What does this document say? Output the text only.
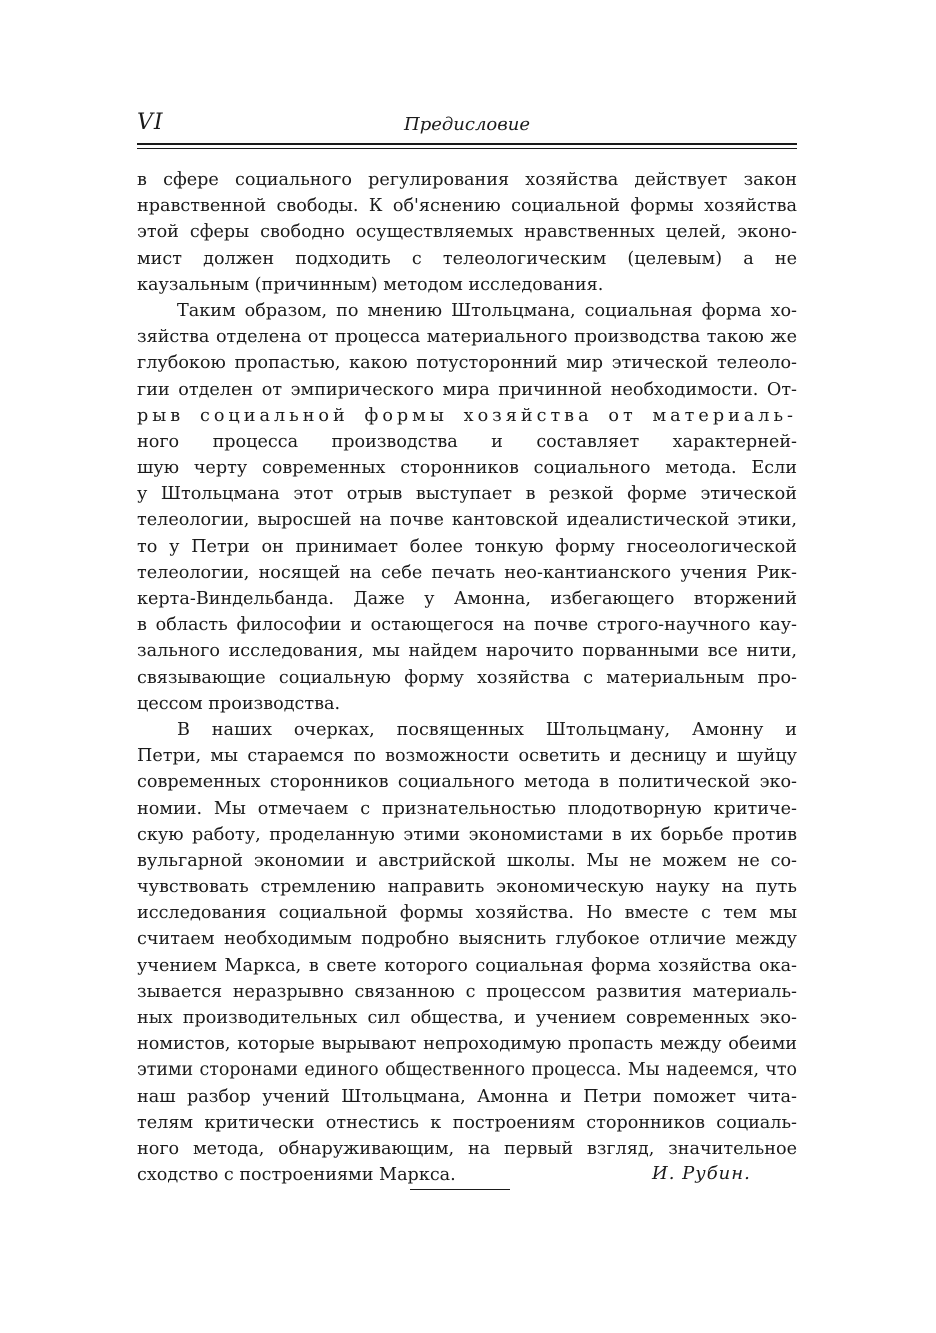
VI	Предисловие
в сфере социального регулирования хозяйства действует закон
нравственной свободы. К об'яснению социальной формы хозяйства
этой сферы свободно осуществляемых нравственных целей, эконо-
мист должен подходить с телеологическим (целевым) а не
каузальным (причинным) методом исследования.
Таким образом, по мнению Штольцмана, социальная форма хо-
зяйства отделена от процесса материального производства такою же
глубокою пропастью, какою потусторонний мир этической телеоло-
гии отделен от эмпирического мира причинной необходимости. От-
рыв социальной формы хозяйства от материаль-
ного процесса производства и составляет характерней-
шую черту современных сторонников социального метода. Если
у Штольцмана этот отрыв выступает в резкой форме этической
телеологии, выросшей на почве кантовской идеалистической этики,
то у Петри он принимает более тонкую форму гносеологической
телеологии, носящей на себе печать нео-кантианского учения Рик-
керта-Виндельбанда. Даже у Амонна, избегающего вторжений
в область философии и остающегося на почве строго-научного кау-
зального исследования, мы найдем нарочито порванными все нити,
связывающие социальную форму хозяйства с материальным про-
цессом производства.
В наших очерках, посвященных Штольцману, Амонну и
Петри, мы стараемся по возможности осветить и десницу и шуйцу
современных сторонников социального метода в политической эко-
номии. Мы отмечаем с признательностью плодотворную критиче-
скую работу, проделанную этими экономистами в их борьбе против
вульгарной экономии и австрийской школы. Мы не можем не со-
чувствовать стремлению направить экономическую науку на путь
исследования социальной формы хозяйства. Но вместе с тем мы
считаем необходимым подробно выяснить глубокое отличие между
учением Маркса, в свете которого социальная форма хозяйства ока-
зывается неразрывно связанною с процессом развития материаль-
ных производительных сил общества, и учением современных эко-
номистов, которые вырывают непроходимую пропасть между обеими
этими сторонами единого общественного процесса. Мы надеемся, что
наш разбор учений Штольцмана, Амонна и Петри поможет чита-
телям критически отнестись к построениям сторонников социаль-
ного метода, обнаруживающим, на первый взгляд, значительное
сходство с построениями Маркса.	И. Рубин.
